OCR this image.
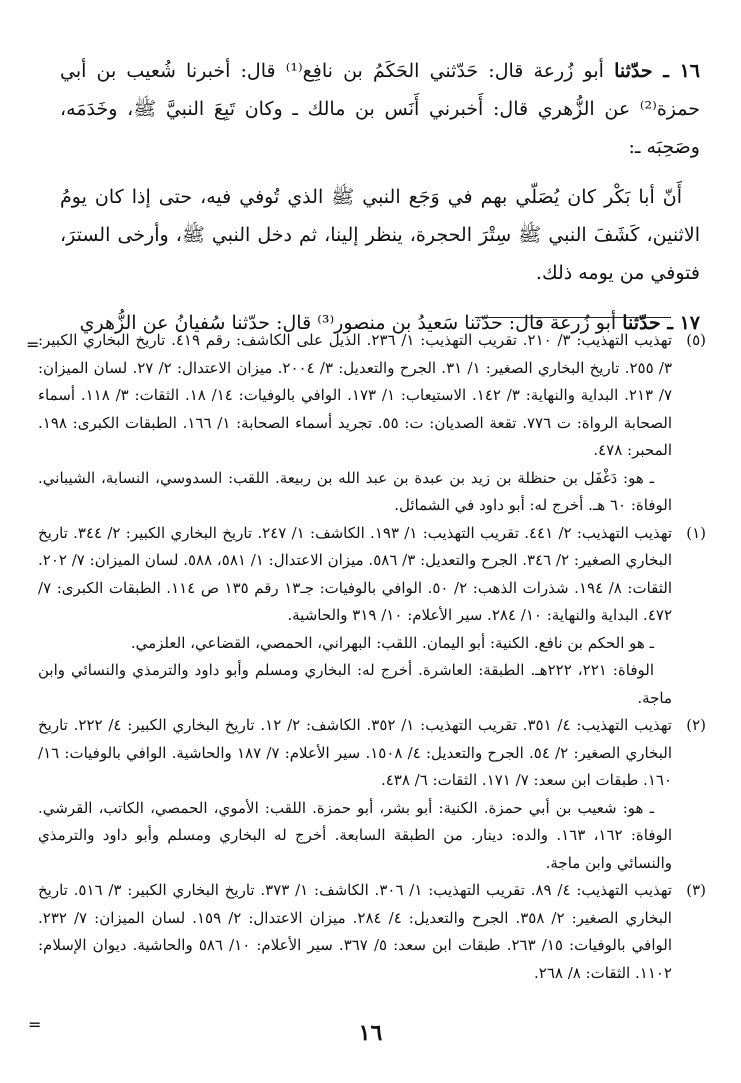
١٦ ـ حدّثنا أبو زُرعة قال: حَدّثني الحَكَمُ بن نافِع⁽¹⁾ قال: أخبرنا شُعيب بن أبي حمزة⁽²⁾ عن الزُّهري قال: أَخبرني أَنَس بن مالك ـ وكان تَبِعَ النبيَّ ﷺ، وخَدَمَه، وصَحِبَه ـ:

أَنّ أبا بَكْر كان يُصَلّي بهم في وَجَع النبي ﷺ الذي تُوفي فيه، حتى إذا كان يومُ الاثنين، كَشَفَ النبي ﷺ سِتْرَ الحجرة، ينظر إلينا، ثم دخل النبي ﷺ، وأرخى السترَ، فتوفي من يومه ذلك.

١٧ ـ حدّثنا أبو زُرعة قال: حدّثنا سَعيدُ بن منصور⁽³⁾ قال: حدّثنا سُفيانُ عن الزُّهري

=	(٥)
تهذيب التهذيب: ٣/ ٢١٠. تقريب التهذيب: ١/ ٢٣٦. الذيل على الكاشف: رقم ٤١٩. تاريخ البخاري الكبير: ٣/ ٢٥٥. تاريخ البخاري الصغير: ١/ ٣١. الجرح والتعديل: ٣/ ٢٠٠٤. ميزان الاعتدال: ٢/ ٢٧. لسان الميزان: ٧/ ٢١٣. البداية والنهاية: ٣/ ١٤٢. الاستيعاب: ١/ ١٧٣. الوافي بالوفيات: ١٤/ ١٨. الثقات: ٣/ ١١٨. أسماء الصحابة الرواة: ت ٧٧٦. تقعة الصديان: ت: ٥٥. تجريد أسماء الصحابة: ١/ ١٦٦. الطبقات الكبرى: ١٩٨. المحبر: ٤٧٨.

ـ هو: دَغْفَل بن حنظلة بن زيد بن عبدة بن عبد الله بن ربيعة. اللقب: السدوسي، النسابة، الشيباني. الوفاة: ٦٠ هـ. أخرج له: أبو داود في الشمائل.

(١)
تهذيب التهذيب: ٢/ ٤٤١. تقريب التهذيب: ١/ ١٩٣. الكاشف: ١/ ٢٤٧. تاريخ البخاري الكبير: ٢/ ٣٤٤. تاريخ البخاري الصغير: ٢/ ٣٤٦. الجرح والتعديل: ٣/ ٥٨٦. ميزان الاعتدال: ١/ ٥٨١، ٥٨٨. لسان الميزان: ٧/ ٢٠٢. الثقات: ٨/ ١٩٤. شذرات الذهب: ٢/ ٥٠. الوافي بالوفيات: جـ١٣ رقم ١٣٥ ص ١١٤. الطبقات الكبرى: ٧/ ٤٧٢. البداية والنهاية: ١٠/ ٢٨٤. سير الأعلام: ١٠/ ٣١٩ والحاشية.

ـ هو الحكم بن نافع. الكنية: أبو اليمان. اللقب: البهراني، الحمصي، القضاعي، العلزمي.

الوفاة: ٢٢١، ٢٢٢هـ. الطبقة: العاشرة. أخرج له: البخاري ومسلم وأبو داود والترمذي والنسائي وابن ماجة.

(٢)
تهذيب التهذيب: ٤/ ٣٥١. تقريب التهذيب: ١/ ٣٥٢. الكاشف: ٢/ ١٢. تاريخ البخاري الكبير: ٤/ ٢٢٢. تاريخ البخاري الصغير: ٢/ ٥٤. الجرح والتعديل: ٤/ ١٥٠٨. سير الأعلام: ٧/ ١٨٧ والحاشية. الوافي بالوفيات: ١٦/ ١٦٠. طبقات ابن سعد: ٧/ ١٧١. الثقات: ٦/ ٤٣٨.

ـ هو: شعيب بن أبي حمزة. الكنية: أبو بشر، أبو حمزة. اللقب: الأموي، الحمصي، الكاتب، القرشي. الوفاة: ١٦٢، ١٦٣. والده: دينار. من الطبقة السابعة. أخرج له البخاري ومسلم وأبو داود والترمذي والنسائي وابن ماجة.

(٣)
تهذيب التهذيب: ٤/ ٨٩. تقريب التهذيب: ١/ ٣٠٦. الكاشف: ١/ ٣٧٣. تاريخ البخاري الكبير: ٣/ ٥١٦. تاريخ البخاري الصغير: ٢/ ٣٥٨. الجرح والتعديل: ٤/ ٢٨٤. ميزان الاعتدال: ٢/ ١٥٩. لسان الميزان: ٧/ ٢٣٢. الوافي بالوفيات: ١٥/ ٢٦٣. طبقات ابن سعد: ٥/ ٣٦٧. سير الأعلام: ١٠/ ٥٨٦ والحاشية. ديوان الإسلام: ١١٠٢. الثقات: ٨/ ٢٦٨.

=	١٦
